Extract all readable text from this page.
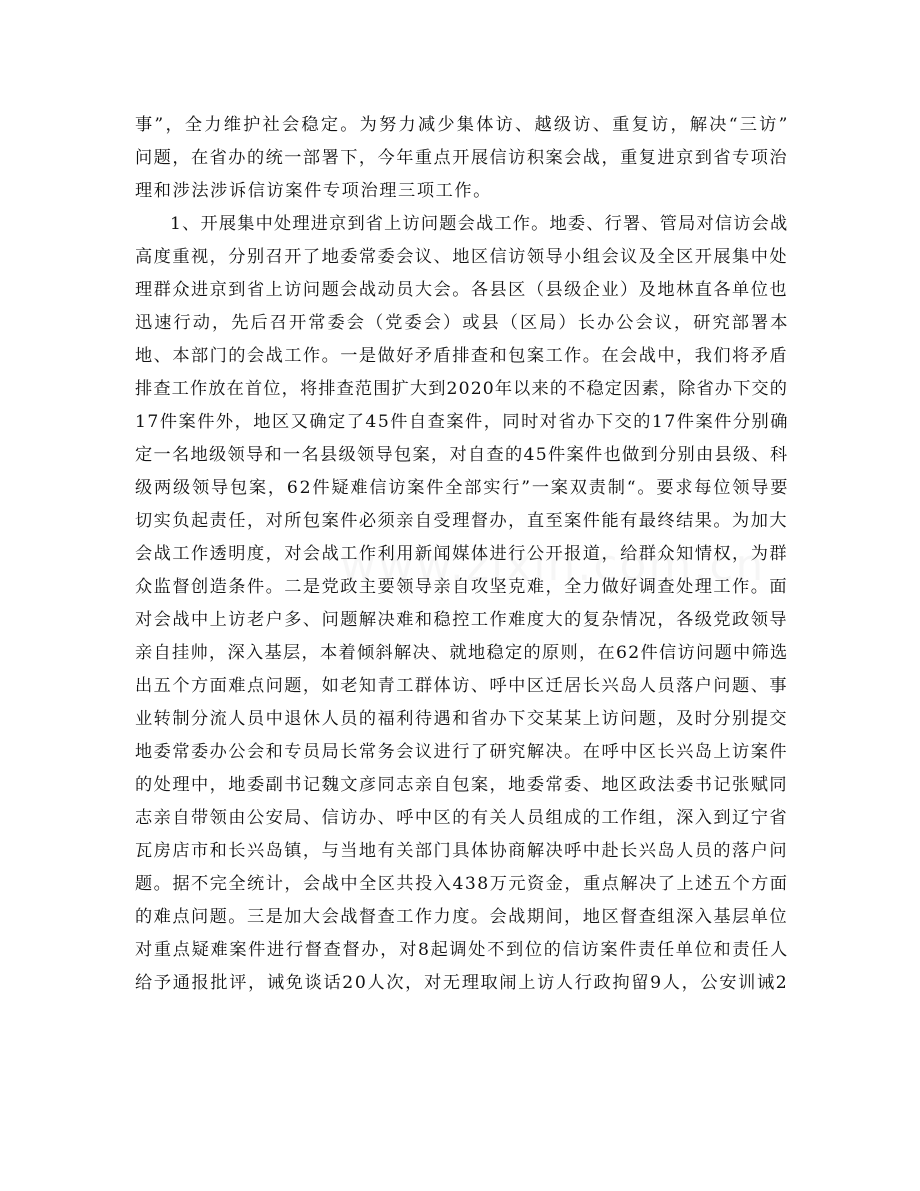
事”，全力维护社会稳定。为努力减少集体访、越级访、重复访，解决“三访”
问题，在省办的统一部署下，今年重点开展信访积案会战，重复进京到省专项治
理和涉法涉诉信访案件专项治理三项工作。
1、开展集中处理进京到省上访问题会战工作。地委、行署、管局对信访会战
高度重视，分别召开了地委常委会议、地区信访领导小组会议及全区开展集中处
理群众进京到省上访问题会战动员大会。各县区（县级企业）及地林直各单位也
迅速行动，先后召开常委会（党委会）或县（区局）长办公会议，研究部署本
地、本部门的会战工作。一是做好矛盾排查和包案工作。在会战中，我们将矛盾
排查工作放在首位，将排查范围扩大到2020年以来的不稳定因素，除省办下交的
17件案件外，地区又确定了45件自查案件，同时对省办下交的17件案件分别确
定一名地级领导和一名县级领导包案，对自查的45件案件也做到分别由县级、科
级两级领导包案，62件疑难信访案件全部实行”一案双责制“。要求每位领导要
切实负起责任，对所包案件必须亲自受理督办，直至案件能有最终结果。为加大
会战工作透明度，对会战工作利用新闻媒体进行公开报道，给群众知情权，为群
众监督创造条件。二是党政主要领导亲自攻坚克难，全力做好调查处理工作。面
对会战中上访老户多、问题解决难和稳控工作难度大的复杂情况，各级党政领导
亲自挂帅，深入基层，本着倾斜解决、就地稳定的原则，在62件信访问题中筛选
出五个方面难点问题，如老知青工群体访、呼中区迁居长兴岛人员落户问题、事
业转制分流人员中退休人员的福利待遇和省办下交某某上访问题，及时分别提交
地委常委办公会和专员局长常务会议进行了研究解决。在呼中区长兴岛上访案件
的处理中，地委副书记魏文彦同志亲自包案，地委常委、地区政法委书记张赋同
志亲自带领由公安局、信访办、呼中区的有关人员组成的工作组，深入到辽宁省
瓦房店市和长兴岛镇，与当地有关部门具体协商解决呼中赴长兴岛人员的落户问
题。据不完全统计，会战中全区共投入438万元资金，重点解决了上述五个方面
的难点问题。三是加大会战督查工作力度。会战期间，地区督查组深入基层单位
对重点疑难案件进行督查督办，对8起调处不到位的信访案件责任单位和责任人
给予通报批评，诫免谈话20人次，对无理取闹上访人行政拘留9人，公安训诫2
